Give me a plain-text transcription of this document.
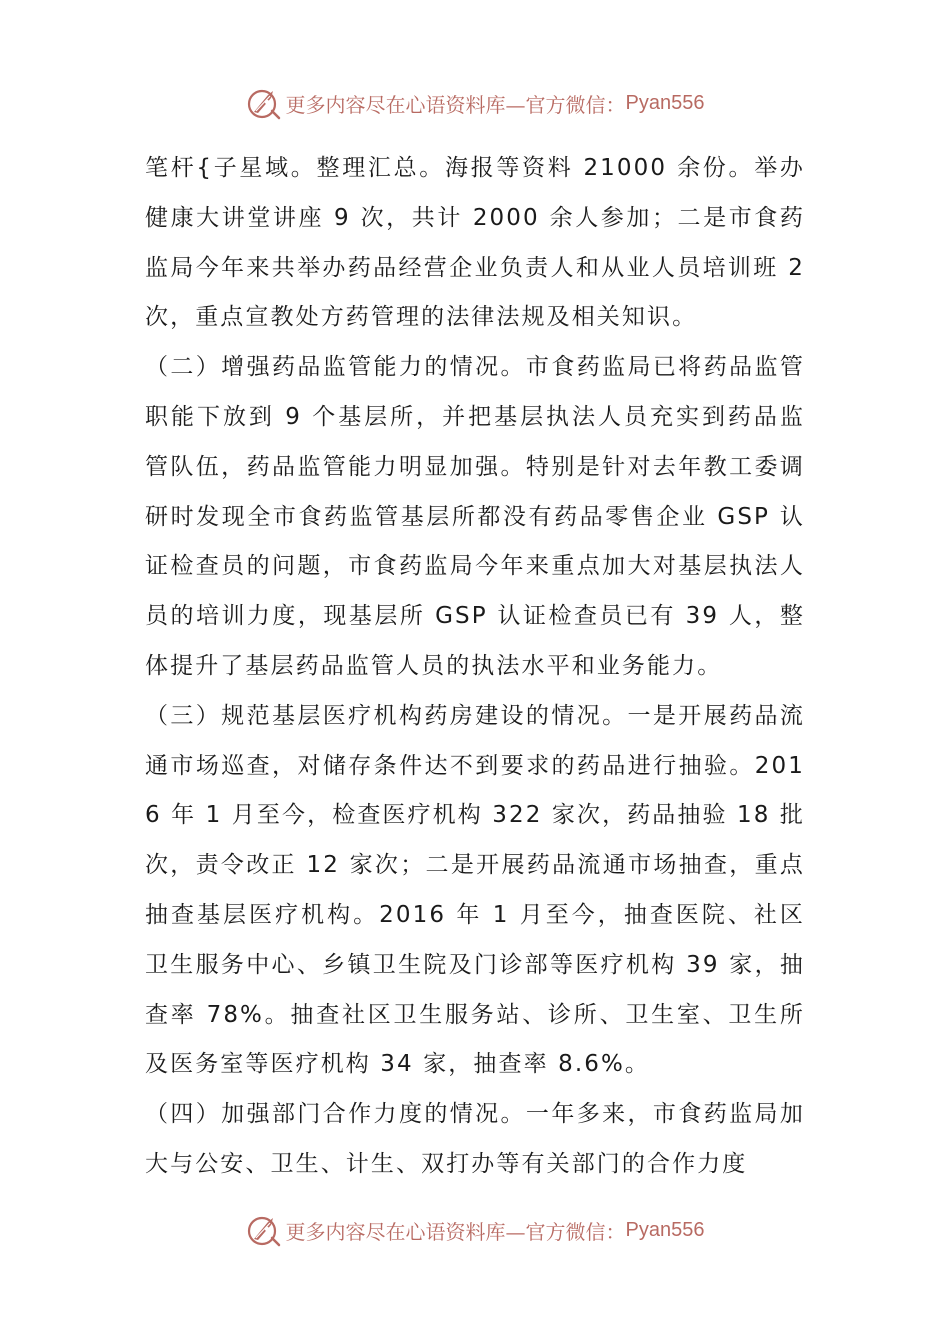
更多内容尽在心语资料库—官方微信： Pyan556

笔杆{子星域。整理汇总。海报等资料 21000 余份。举办健康大讲堂讲座 9 次，共计 2000 余人参加；二是市食药监局今年来共举办药品经营企业负责人和从业人员培训班 2 次，重点宣教处方药管理的法律法规及相关知识。

（二）增强药品监管能力的情况。市食药监局已将药品监管职能下放到 9 个基层所，并把基层执法人员充实到药品监管队伍，药品监管能力明显加强。特别是针对去年教工委调研时发现全市食药监管基层所都没有药品零售企业 GSP 认证检查员的问题，市食药监局今年来重点加大对基层执法人员的培训力度，现基层所 GSP 认证检查员已有 39 人，整体提升了基层药品监管人员的执法水平和业务能力。

（三）规范基层医疗机构药房建设的情况。一是开展药品流通市场巡查，对储存条件达不到要求的药品进行抽验。2016 年 1 月至今，检查医疗机构 322 家次，药品抽验 18 批次，责令改正 12 家次；二是开展药品流通市场抽查，重点抽查基层医疗机构。2016 年 1 月至今，抽查医院、社区卫生服务中心、乡镇卫生院及门诊部等医疗机构 39 家，抽查率 78%。抽查社区卫生服务站、诊所、卫生室、卫生所及医务室等医疗机构 34 家，抽查率 8.6%。

（四）加强部门合作力度的情况。一年多来，市食药监局加大与公安、卫生、计生、双打办等有关部门的合作力度

更多内容尽在心语资料库—官方微信： Pyan556
